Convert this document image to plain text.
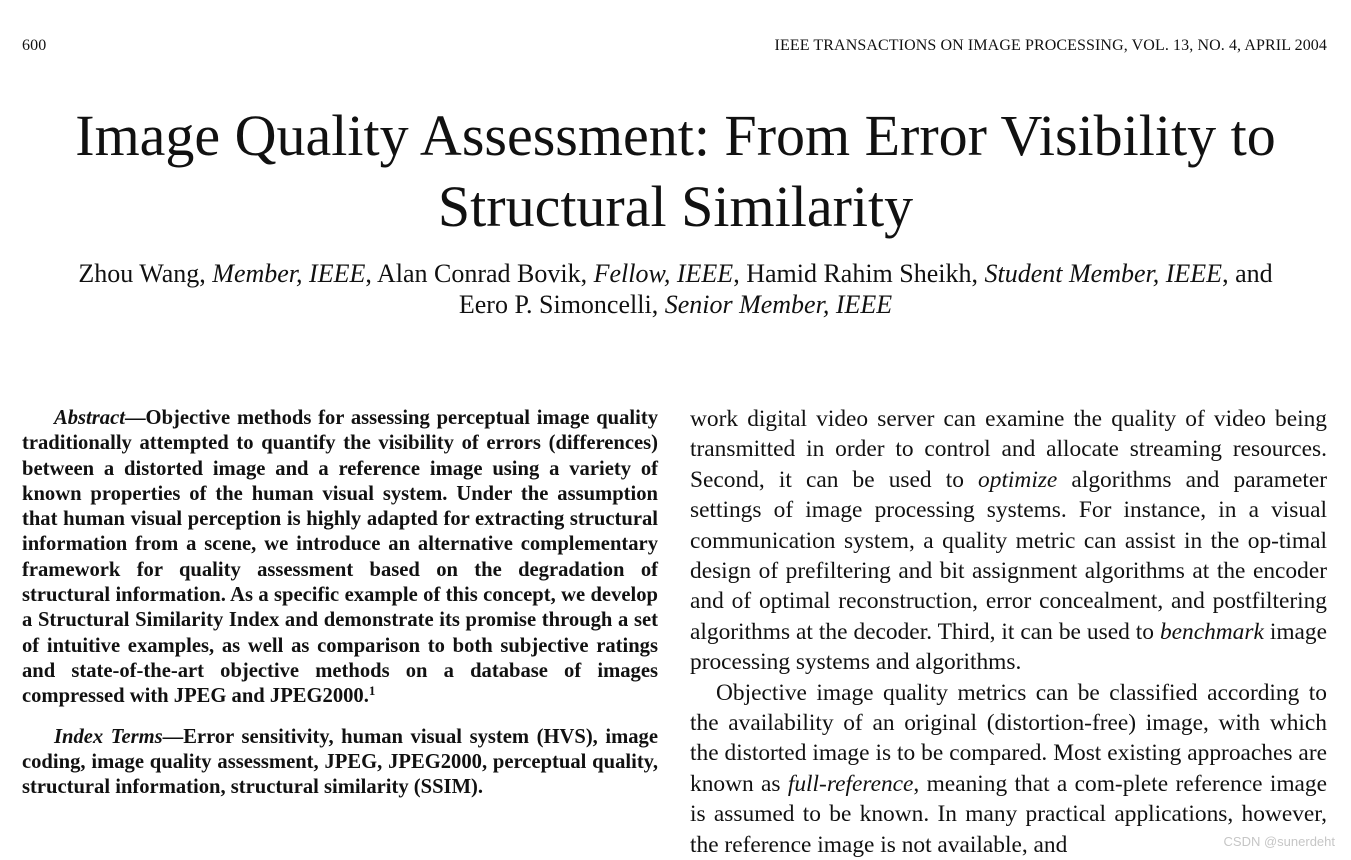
600	IEEE TRANSACTIONS ON IMAGE PROCESSING, VOL. 13, NO. 4, APRIL 2004
Image Quality Assessment: From Error Visibility to
Structural Similarity
Zhou Wang, Member, IEEE, Alan Conrad Bovik, Fellow, IEEE, Hamid Rahim Sheikh, Student Member, IEEE, and
Eero P. Simoncelli, Senior Member, IEEE

Abstract—Objective methods for assessing perceptual image quality traditionally attempted to quantify the visibility of errors (differences) between a distorted image and a reference image using a variety of known properties of the human visual system. Under the assumption that human visual perception is highly adapted for extracting structural information from a scene, we introduce an alternative complementary framework for quality assessment based on the degradation of structural information. As a specific example of this concept, we develop a Structural Similarity Index and demonstrate its promise through a set of intuitive examples, as well as comparison to both subjective ratings and state-of-the-art objective methods on a database of images compressed with JPEG and JPEG2000.$^1$

Index Terms—Error sensitivity, human visual system (HVS), image coding, image quality assessment, JPEG, JPEG2000, perceptual quality, structural information, structural similarity (SSIM).

work digital video server can examine the quality of video being transmitted in order to control and allocate streaming resources. Second, it can be used to optimize algorithms and parameter settings of image processing systems. For instance, in a visual communication system, a quality metric can assist in the op-timal design of prefiltering and bit assignment algorithms at the encoder and of optimal reconstruction, error concealment, and postfiltering algorithms at the decoder. Third, it can be used to benchmark image processing systems and algorithms.

Objective image quality metrics can be classified according to the availability of an original (distortion-free) image, with which the distorted image is to be compared. Most existing approaches are known as full-reference, meaning that a com-plete reference image is assumed to be known. In many practical applications, however, the reference image is not available, and	CSDN @sunerdeht
